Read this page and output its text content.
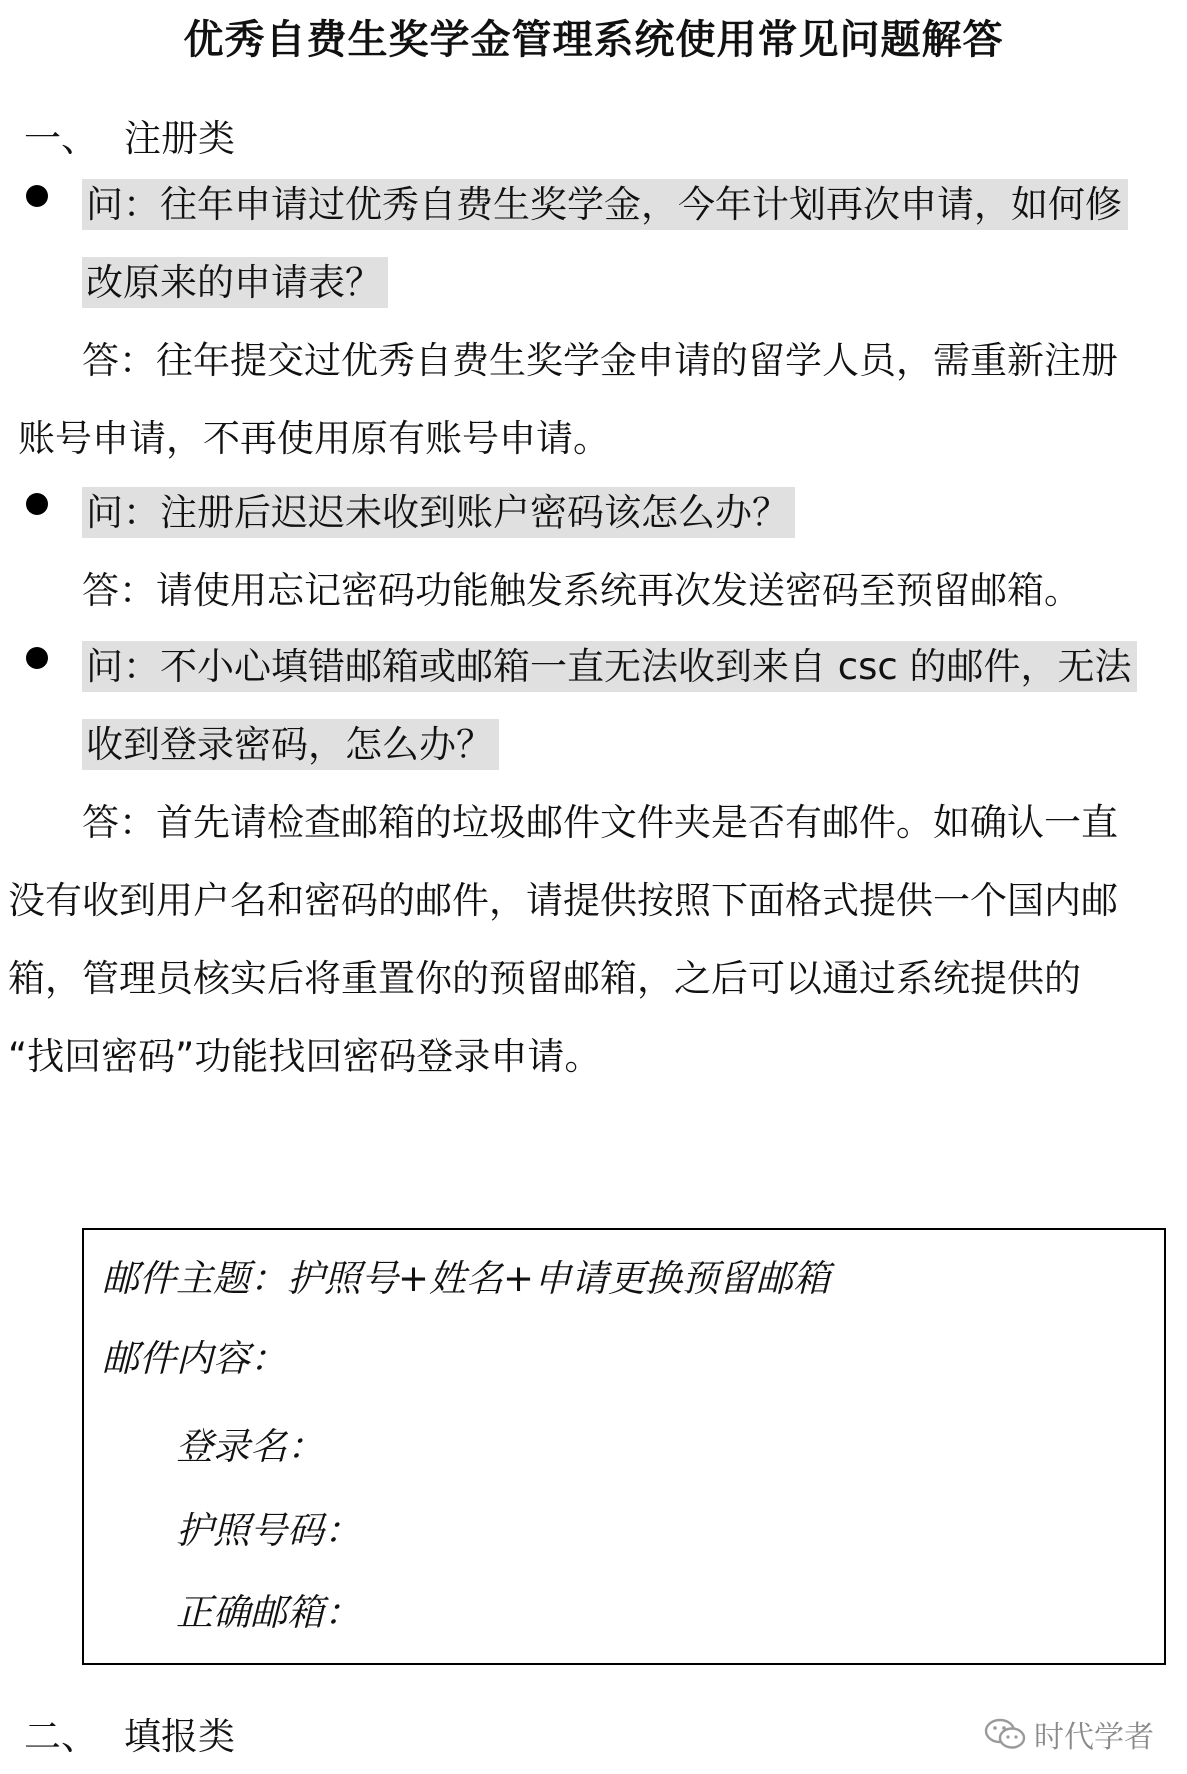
优秀自费生奖学金管理系统使用常见问题解答
一、 注册类
问：往年申请过优秀自费生奖学金，今年计划再次申请，如何修
改原来的申请表？
答：往年提交过优秀自费生奖学金申请的留学人员，需重新注册
账号申请，不再使用原有账号申请。
问：注册后迟迟未收到账户密码该怎么办？
答：请使用忘记密码功能触发系统再次发送密码至预留邮箱。
问：不小心填错邮箱或邮箱一直无法收到来自 csc 的邮件，无法
收到登录密码，怎么办？
答：首先请检查邮箱的垃圾邮件文件夹是否有邮件。如确认一直
没有收到用户名和密码的邮件，请提供按照下面格式提供一个国内邮
箱，管理员核实后将重置你的预留邮箱，之后可以通过系统提供的
“找回密码”功能找回密码登录申请。
邮件主题：护照号+姓名+申请更换预留邮箱
邮件内容：
登录名：
护照号码：
正确邮箱：
二、 填报类	时代学者
